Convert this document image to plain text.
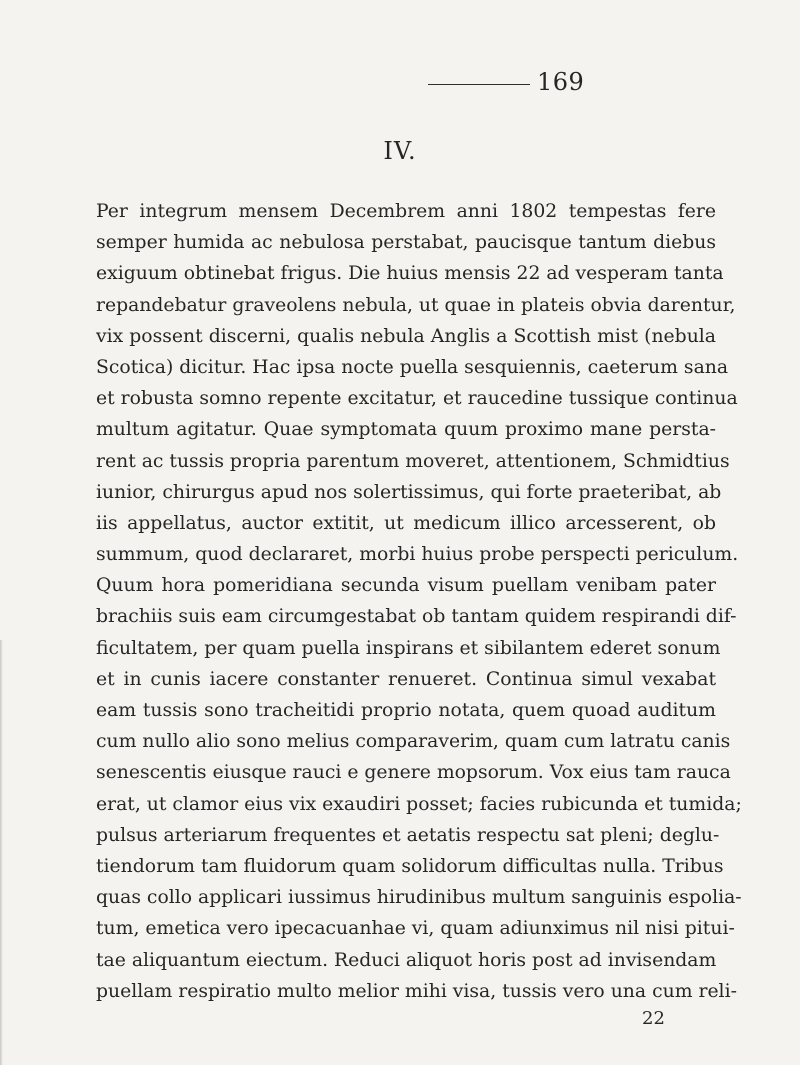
169
IV.
Per integrum mensem Decembrem anni 1802 tempestas fere
semper humida ac nebulosa perstabat, paucisque tantum diebus
exiguum obtinebat frigus. Die huius mensis 22 ad vesperam tanta
repandebatur graveolens nebula, ut quae in plateis obvia darentur,
vix possent discerni, qualis nebula Anglis a Scottish mist (nebula
Scotica) dicitur. Hac ipsa nocte puella sesquiennis, caeterum sana
et robusta somno repente excitatur, et raucedine tussique continua
multum agitatur. Quae symptomata quum proximo mane persta-
rent ac tussis propria parentum moveret, attentionem, Schmidtius
iunior, chirurgus apud nos solertissimus, qui forte praeteribat, ab
iis appellatus, auctor extitit, ut medicum illico arcesserent, ob
summum, quod declararet, morbi huius probe perspecti periculum.
Quum hora pomeridiana secunda visum puellam venibam pater
brachiis suis eam circumgestabat ob tantam quidem respirandi dif-
ficultatem, per quam puella inspirans et sibilantem ederet sonum
et in cunis iacere constanter renueret. Continua simul vexabat
eam tussis sono tracheitidi proprio notata, quem quoad auditum
cum nullo alio sono melius comparaverim, quam cum latratu canis
senescentis eiusque rauci e genere mopsorum. Vox eius tam rauca
erat, ut clamor eius vix exaudiri posset; facies rubicunda et tumida;
pulsus arteriarum frequentes et aetatis respectu sat pleni; deglu-
tiendorum tam fluidorum quam solidorum difficultas nulla. Tribus
quas collo applicari iussimus hirudinibus multum sanguinis espolia-
tum, emetica vero ipecacuanhae vi, quam adiunximus nil nisi pitui-
tae aliquantum eiectum. Reduci aliquot horis post ad invisendam
puellam respiratio multo melior mihi visa, tussis vero una cum reli-
22
